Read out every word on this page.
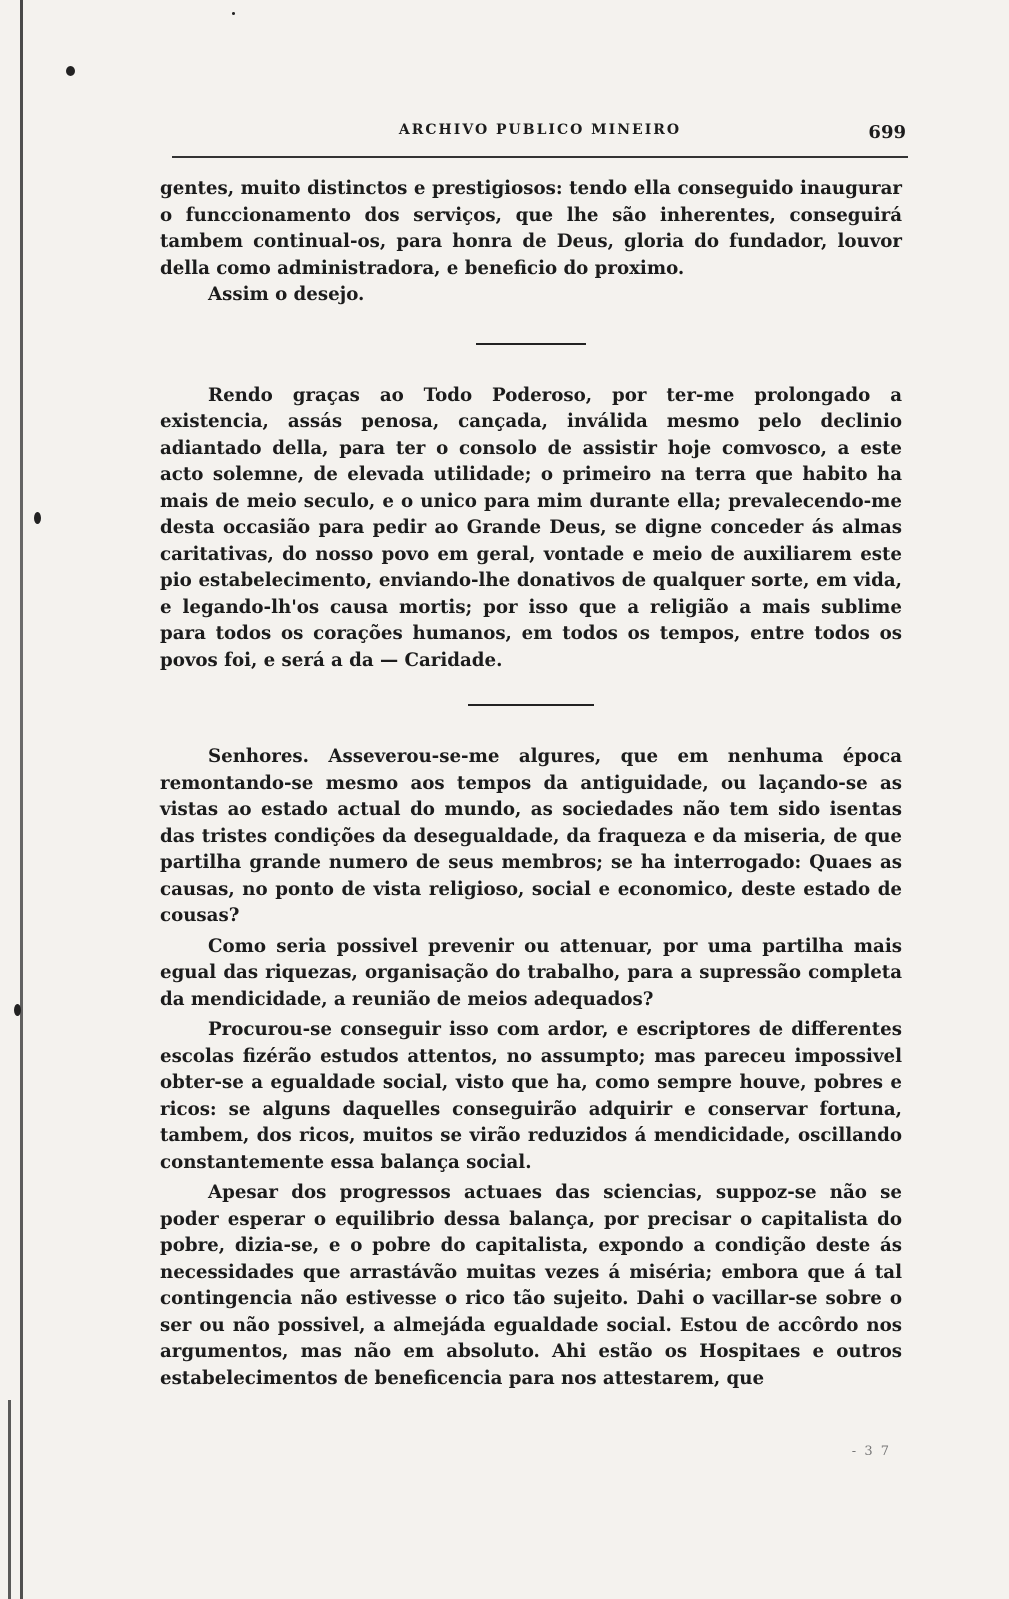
ARCHIVO PUBLICO MINEIRO	699

gentes, muito distinctos e prestigiosos: tendo ella conseguido inaugurar o funccionamento dos serviços, que lhe são inherentes, conseguirá tambem continual-os, para honra de Deus, gloria do fundador, louvor della como administradora, e beneficio do proximo.

Assim o desejo.

Rendo graças ao Todo Poderoso, por ter-me prolongado a existencia, assás penosa, cançada, inválida mesmo pelo declinio adiantado della, para ter o consolo de assistir hoje comvosco, a este acto solemne, de elevada utilidade; o primeiro na terra que habito ha mais de meio seculo, e o unico para mim durante ella; prevalecendo-me desta occasião para pedir ao Grande Deus, se digne conceder ás almas caritativas, do nosso povo em geral, vontade e meio de auxiliarem este pio estabelecimento, enviando-lhe donativos de qualquer sorte, em vida, e legando-lh'os causa mortis; por isso que a religião a mais sublime para todos os corações humanos, em todos os tempos, entre todos os povos foi, e será a da — Caridade.

Senhores. Asseverou-se-me algures, que em nenhuma época remontando-se mesmo aos tempos da antiguidade, ou laçando-se as vistas ao estado actual do mundo, as sociedades não tem sido isentas das tristes condições da desegualdade, da fraqueza e da miseria, de que partilha grande numero de seus membros; se ha interrogado: Quaes as causas, no ponto de vista religioso, social e economico, deste estado de cousas?

Como seria possivel prevenir ou attenuar, por uma partilha mais egual das riquezas, organisação do trabalho, para a supressão completa da mendicidade, a reunião de meios adequados?

Procurou-se conseguir isso com ardor, e escriptores de differentes escolas fizérão estudos attentos, no assumpto; mas pareceu impossivel obter-se a egualdade social, visto que ha, como sempre houve, pobres e ricos: se alguns daquelles conseguirão adquirir e conservar fortuna, tambem, dos ricos, muitos se virão reduzidos á mendicidade, oscillando constantemente essa balança social.

Apesar dos progressos actuaes das sciencias, suppoz-se não se poder esperar o equilibrio dessa balança, por precisar o capitalista do pobre, dizia-se, e o pobre do capitalista, expondo a condição deste ás necessidades que arrastávão muitas vezes á miséria; embora que á tal contingencia não estivesse o rico tão sujeito. Dahi o vacillar-se sobre o ser ou não possivel, a almejáda egualdade social. Estou de accôrdo nos argumentos, mas não em absoluto. Ahi estão os Hospitaes e outros estabelecimentos de beneficencia para nos attestarem, que

- 3 7
